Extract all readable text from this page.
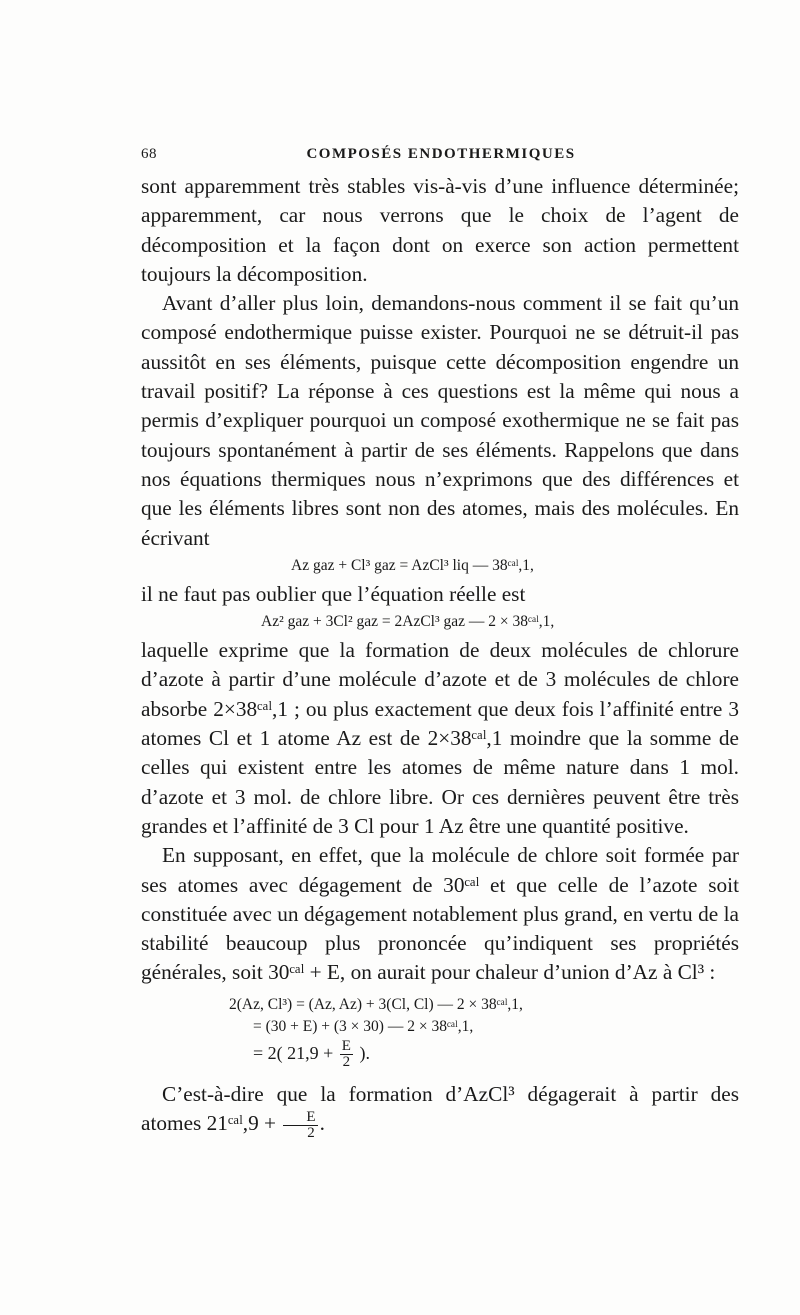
68	COMPOSÉS ENDOTHERMIQUES

sont apparemment très stables vis-à-vis d’une influence déterminée; apparemment, car nous verrons que le choix de l’agent de décomposition et la façon dont on exerce son action permettent toujours la décomposition.

Avant d’aller plus loin, demandons-nous comment il se fait qu’un composé endothermique puisse exister. Pourquoi ne se détruit-il pas aussitôt en ses éléments, puisque cette décomposition engendre un travail positif? La réponse à ces questions est la même qui nous a permis d’expliquer pourquoi un composé exothermique ne se fait pas toujours spontanément à partir de ses éléments. Rappelons que dans nos équations thermiques nous n’exprimons que des différences et que les éléments libres sont non des atomes, mais des molécules. En écrivant

Az gaz + Cl³ gaz = AzCl³ liq — 38ᶜᵃˡ,1,

il ne faut pas oublier que l’équation réelle est

Az² gaz + 3Cl² gaz = 2AzCl³ gaz — 2 × 38ᶜᵃˡ,1,

laquelle exprime que la formation de deux molécules de chlorure d’azote à partir d’une molécule d’azote et de 3 molécules de chlore absorbe 2×38ᶜᵃˡ,1 ; ou plus exactement que deux fois l’affinité entre 3 atomes Cl et 1 atome Az est de 2×38ᶜᵃˡ,1 moindre que la somme de celles qui existent entre les atomes de même nature dans 1 mol. d’azote et 3 mol. de chlore libre. Or ces dernières peuvent être très grandes et l’affinité de 3 Cl pour 1 Az être une quantité positive.

En supposant, en effet, que la molécule de chlore soit formée par ses atomes avec dégagement de 30ᶜᵃˡ et que celle de l’azote soit constituée avec un dégagement notablement plus grand, en vertu de la stabilité beaucoup plus prononcée qu’indiquent ses propriétés générales, soit 30ᶜᵃˡ + E, on aurait pour chaleur d’union d’Az à Cl³ :

2(Az, Cl³) = (Az, Az) + 3(Cl, Cl) — 2 × 38ᶜᵃˡ,1,
= (30 + E) + (3 × 30) — 2 × 38ᶜᵃˡ,1,
= 2( $21,9 + \frac{E}{2}$ ).

C’est-à-dire que la formation d’AzCl³ dégagerait à partir des atomes 21ᶜᵃˡ,9 + $\frac{E}{2}$ .
